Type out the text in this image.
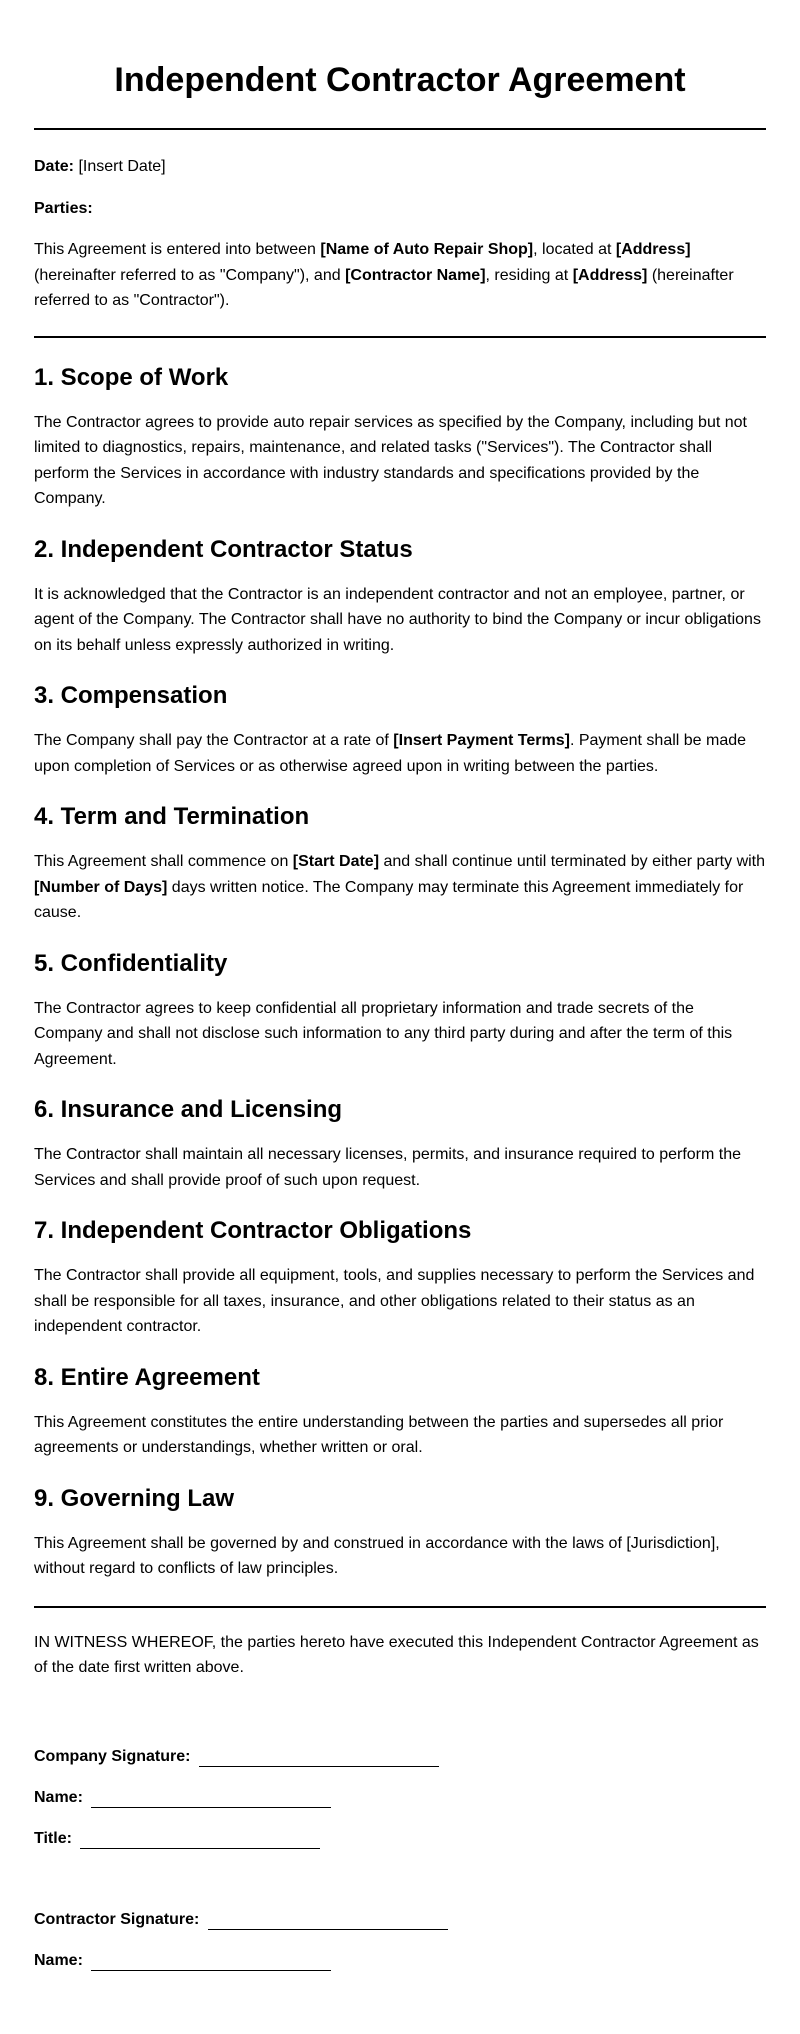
Independent Contractor Agreement

Date: [Insert Date]

Parties:

This Agreement is entered into between [Name of Auto Repair Shop], located at [Address] (hereinafter referred to as "Company"), and [Contractor Name], residing at [Address] (hereinafter referred to as "Contractor").

1. Scope of Work

The Contractor agrees to provide auto repair services as specified by the Company, including but not limited to diagnostics, repairs, maintenance, and related tasks ("Services"). The Contractor shall perform the Services in accordance with industry standards and specifications provided by the Company.

2. Independent Contractor Status

It is acknowledged that the Contractor is an independent contractor and not an employee, partner, or agent of the Company. The Contractor shall have no authority to bind the Company or incur obligations on its behalf unless expressly authorized in writing.

3. Compensation

The Company shall pay the Contractor at a rate of [Insert Payment Terms]. Payment shall be made upon completion of Services or as otherwise agreed upon in writing between the parties.

4. Term and Termination

This Agreement shall commence on [Start Date] and shall continue until terminated by either party with [Number of Days] days written notice. The Company may terminate this Agreement immediately for cause.

5. Confidentiality

The Contractor agrees to keep confidential all proprietary information and trade secrets of the Company and shall not disclose such information to any third party during and after the term of this Agreement.

6. Insurance and Licensing

The Contractor shall maintain all necessary licenses, permits, and insurance required to perform the Services and shall provide proof of such upon request.

7. Independent Contractor Obligations

The Contractor shall provide all equipment, tools, and supplies necessary to perform the Services and shall be responsible for all taxes, insurance, and other obligations related to their status as an independent contractor.

8. Entire Agreement

This Agreement constitutes the entire understanding between the parties and supersedes all prior agreements or understandings, whether written or oral.

9. Governing Law

This Agreement shall be governed by and construed in accordance with the laws of [Jurisdiction], without regard to conflicts of law principles.

IN WITNESS WHEREOF, the parties hereto have executed this Independent Contractor Agreement as of the date first written above.

Company Signature:
Name:
Title:
Contractor Signature:
Name:
